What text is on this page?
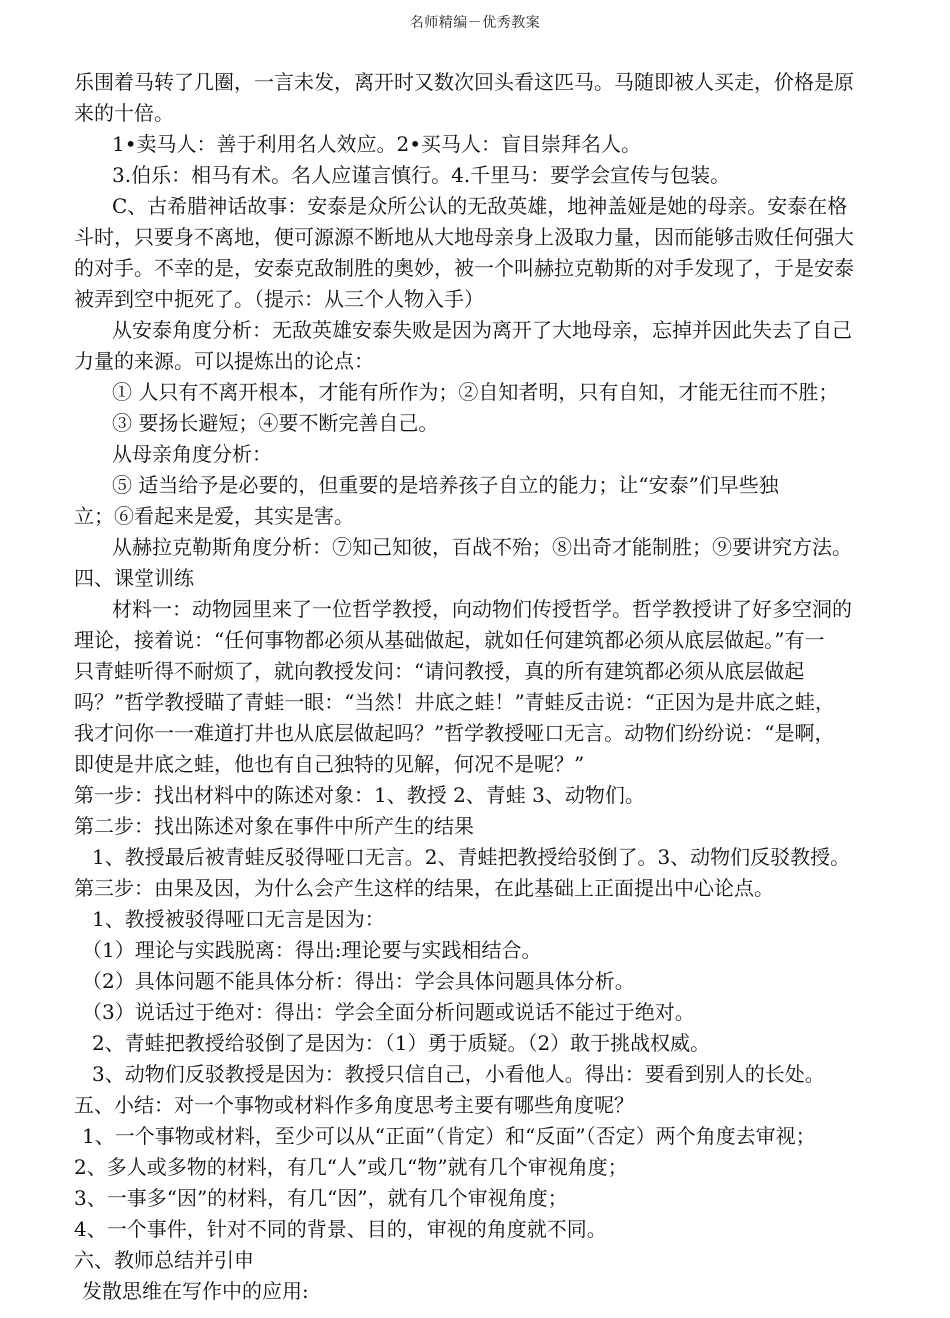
名师精编－优秀教案
乐围着马转了几圈，一言未发，离开时又数次回头看这匹马。马随即被人买走，价格是原
来的十倍。
1•卖马人：善于利用名人效应。2•买马人：盲目崇拜名人。
3.伯乐：相马有术。名人应谨言慎行。4.千里马：要学会宣传与包装。
C、古希腊神话故事：安泰是众所公认的无敌英雄，地神盖娅是她的母亲。安泰在格
斗时，只要身不离地，便可源源不断地从大地母亲身上汲取力量，因而能够击败任何强大
的对手。不幸的是，安泰克敌制胜的奥妙，被一个叫赫拉克勒斯的对手发现了，于是安泰
被弄到空中扼死了。（提示：从三个人物入手）
从安泰角度分析：无敌英雄安泰失败是因为离开了大地母亲，忘掉并因此失去了自己
力量的来源。可以提炼出的论点：
① 人只有不离开根本，才能有所作为；②自知者明，只有自知，才能无往而不胜；
③ 要扬长避短；④要不断完善自己。
从母亲角度分析：
⑤ 适当给予是必要的，但重要的是培养孩子自立的能力；让“安泰”们早些独
立；⑥看起来是爱，其实是害。
从赫拉克勒斯角度分析：⑦知己知彼，百战不殆；⑧出奇才能制胜；⑨要讲究方法。
四、课堂训练
材料一：动物园里来了一位哲学教授，向动物们传授哲学。哲学教授讲了好多空洞的
理论，接着说：“任何事物都必须从基础做起，就如任何建筑都必须从底层做起。”有一
只青蛙听得不耐烦了，就向教授发问：“请问教授，真的所有建筑都必须从底层做起
吗？”哲学教授瞄了青蛙一眼：“当然！井底之蛙！”青蛙反击说：“正因为是井底之蛙，
我才问你一一难道打井也从底层做起吗？”哲学教授哑口无言。动物们纷纷说：“是啊，
即使是井底之蛙，他也有自己独特的见解，何况不是呢？”
第一步：找出材料中的陈述对象：1、教授 2、青蛙 3、动物们。
第二步：找出陈述对象在事件中所产生的结果
1、教授最后被青蛙反驳得哑口无言。2、青蛙把教授给驳倒了。3、动物们反驳教授。
第三步：由果及因，为什么会产生这样的结果，在此基础上正面提出中心论点。
1、教授被驳得哑口无言是因为：
（1）理论与实践脱离：得出:理论要与实践相结合。
（2）具体问题不能具体分析：得出：学会具体问题具体分析。
（3）说话过于绝对：得出：学会全面分析问题或说话不能过于绝对。
2、青蛙把教授给驳倒了是因为：（1）勇于质疑。（2）敢于挑战权威。
3、动物们反驳教授是因为：教授只信自己，小看他人。得出：要看到别人的长处。
五、小结：对一个事物或材料作多角度思考主要有哪些角度呢？
1、一个事物或材料，至少可以从“正面”（肯定）和“反面”（否定）两个角度去审视；
2、多人或多物的材料，有几“人”或几“物”就有几个审视角度；
3、一事多“因”的材料，有几“因”，就有几个审视角度；
4、一个事件，针对不同的背景、目的，审视的角度就不同。
六、教师总结并引申
发散思维在写作中的应用:
